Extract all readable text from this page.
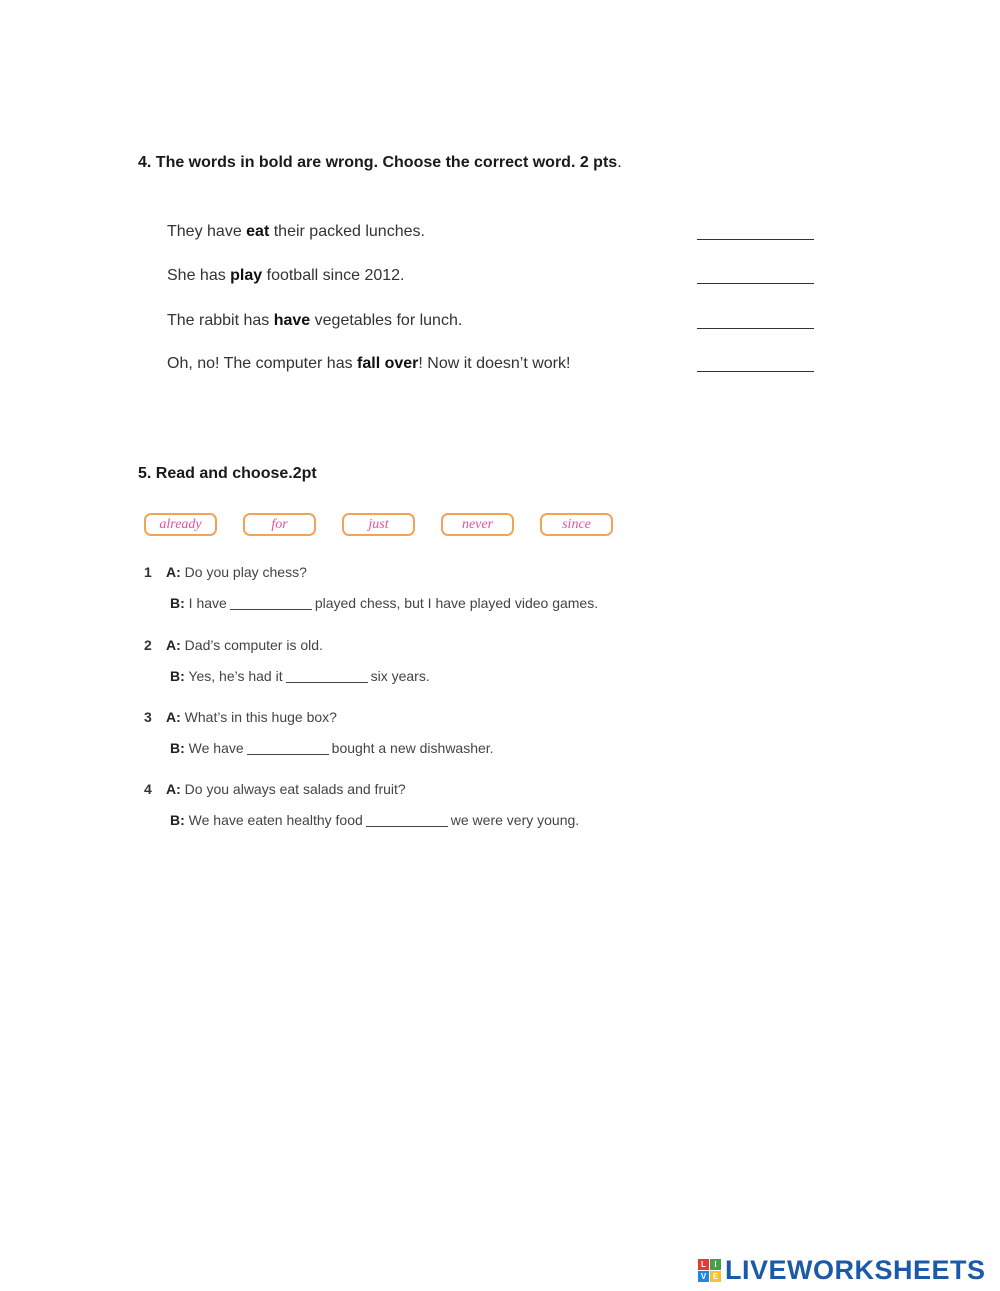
4. The words in bold are wrong. Choose the correct word. 2 pts.
They have eat their packed lunches.
She has play football since 2012.
The rabbit has have vegetables for lunch.
Oh, no! The computer has fall over! Now it doesn’t work!
5. Read and choose.2pt
already	for	just	never	since
1 A: Do you play chess?
B: I have	played chess, but I have played video games.
2 A: Dad’s computer is old.
B: Yes, he’s had it	six years.
3 A: What’s in this huge box?
B: We have	bought a new dishwasher.
4 A: Do you always eat salads and fruit?
B: We have eaten healthy food	we were very young.
L	I
V E LIVEWORKSHEETS
